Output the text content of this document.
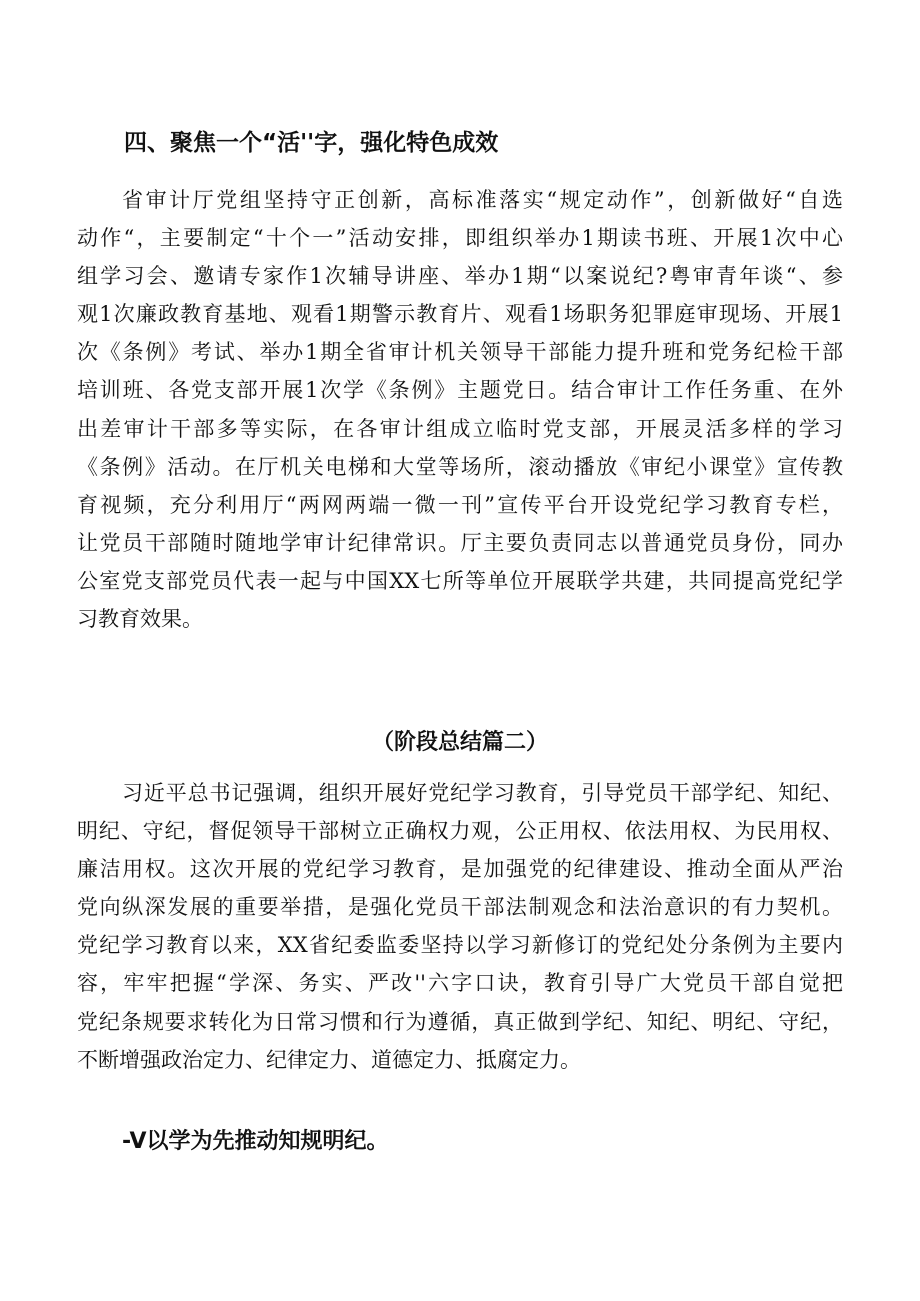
四、聚焦一个“活''字，强化特色成效
省审计厅党组坚持守正创新，高标准落实“规定动作”，创新做好“自选
动作“，主要制定“十个一”活动安排，即组织举办1期读书班、开展1次中心
组学习会、邀请专家作1次辅导讲座、举办1期“以案说纪?粤审青年谈“、参
观1次廉政教育基地、观看1期警示教育片、观看1场职务犯罪庭审现场、开展1
次《条例》考试、举办1期全省审计机关领导干部能力提升班和党务纪检干部
培训班、各党支部开展1次学《条例》主题党日。结合审计工作任务重、在外
出差审计干部多等实际，在各审计组成立临时党支部，开展灵活多样的学习
《条例》活动。在厅机关电梯和大堂等场所，滚动播放《审纪小课堂》宣传教
育视频，充分利用厅“两网两端一微一刊”宣传平台开设党纪学习教育专栏，
让党员干部随时随地学审计纪律常识。厅主要负责同志以普通党员身份，同办
公室党支部党员代表一起与中国XX七所等单位开展联学共建，共同提高党纪学
习教育效果。
（阶段总结篇二）
习近平总书记强调，组织开展好党纪学习教育，引导党员干部学纪、知纪、
明纪、守纪，督促领导干部树立正确权力观，公正用权、依法用权、为民用权、
廉洁用权。这次开展的党纪学习教育，是加强党的纪律建设、推动全面从严治
党向纵深发展的重要举措，是强化党员干部法制观念和法治意识的有力契机。
党纪学习教育以来，XX省纪委监委坚持以学习新修订的党纪处分条例为主要内
容，牢牢把握“学深、务实、严改''六字口诀，教育引导广大党员干部自觉把
党纪条规要求转化为日常习惯和行为遵循，真正做到学纪、知纪、明纪、守纪，
不断增强政治定力、纪律定力、道德定力、抵腐定力。
-V以学为先推动知规明纪。
